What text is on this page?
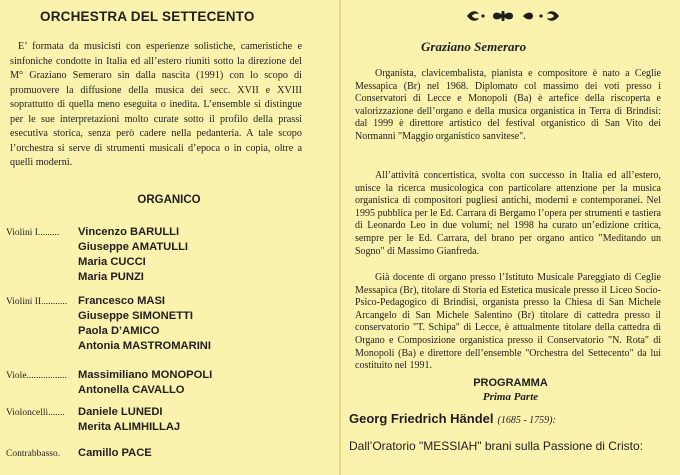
ORCHESTRA DEL SETTECENTO

E’ formata da musicisti con esperienze solistiche, cameristiche e sinfoniche condotte in Italia ed all’estero riuniti sotto la direzione del M° Graziano Semeraro sin dalla nascita (1991) con lo scopo di promuovere la diffusione della musica dei secc. XVII e XVIII soprattutto di quella meno eseguita o inedita. L’ensemble si distingue per le sue interpretazioni molto curate sotto il profilo della prassi esecutiva storica, senza però cadere nella pedanteria. A tale scopo l’orchestra si serve di strumenti musicali d’epoca o in copia, oltre a quelli moderni.

ORGANICO
Violini I......... Vincenzo BARULLI
Giuseppe AMATULLI
Maria CUCCI
Maria PUNZI
Violini II........... Francesco MASI
Giuseppe SIMONETTI
Paola D’AMICO
Antonia MASTROMARINI
Viole................. Massimiliano MONOPOLI
Antonella CAVALLO
Violoncelli....... Daniele LUNEDI
Merita ALIMHILLAJ
Contrabbasso. Camillo PACE
Graziano Semeraro

Organista, clavicembalista, pianista e compositore è nato a Ceglie Messapica (Br) nel 1968. Diplomato col massimo dei voti presso i Conservatori di Lecce e Monopoli (Ba) è artefice della riscoperta e valorizzazione dell’organo e della musica organistica in Terra di Brindisi: dal 1999 è direttore artistico del festival organistico di San Vito dei Normanni "Maggio organistico sanvitese".

All’attività concertistica, svolta con successo in Italia ed all’estero, unisce la ricerca musicologica con particolare attenzione per la musica organistica di compositori pugliesi antichi, moderni e contemporanei. Nel 1995 pubblica per le Ed. Carrara di Bergamo l’opera per strumenti e tastiera di Leonardo Leo in due volumi; nel 1998 ha curato un’edizione critica, sempre per le Ed. Carrara, del brano per organo antico "Meditando un Sogno" di Massimo Gianfreda.

Già docente di organo presso l’Istituto Musicale Pareggiato di Ceglie Messapica (Br), titolare di Storia ed Estetica musicale presso il Liceo Socio-Psico-Pedagogico di Brindisi, organista presso la Chiesa di San Michele Arcangelo di San Michele Salentino (Br) titolare di cattedra presso il conservatorio "T. Schipa" di Lecce, è attualmente titolare della cattedra di Organo e Composizione organistica presso il Conservatorio "N. Rota" di Monopoli (Ba) e direttore dell’ensemble "Orchestra del Settecento" da lui costituito nel 1991.

PROGRAMMA
Prima Parte

Georg Friedrich Händel (1685 - 1759):

Dall’Oratorio "MESSIAH" brani sulla Passione di Cristo:
